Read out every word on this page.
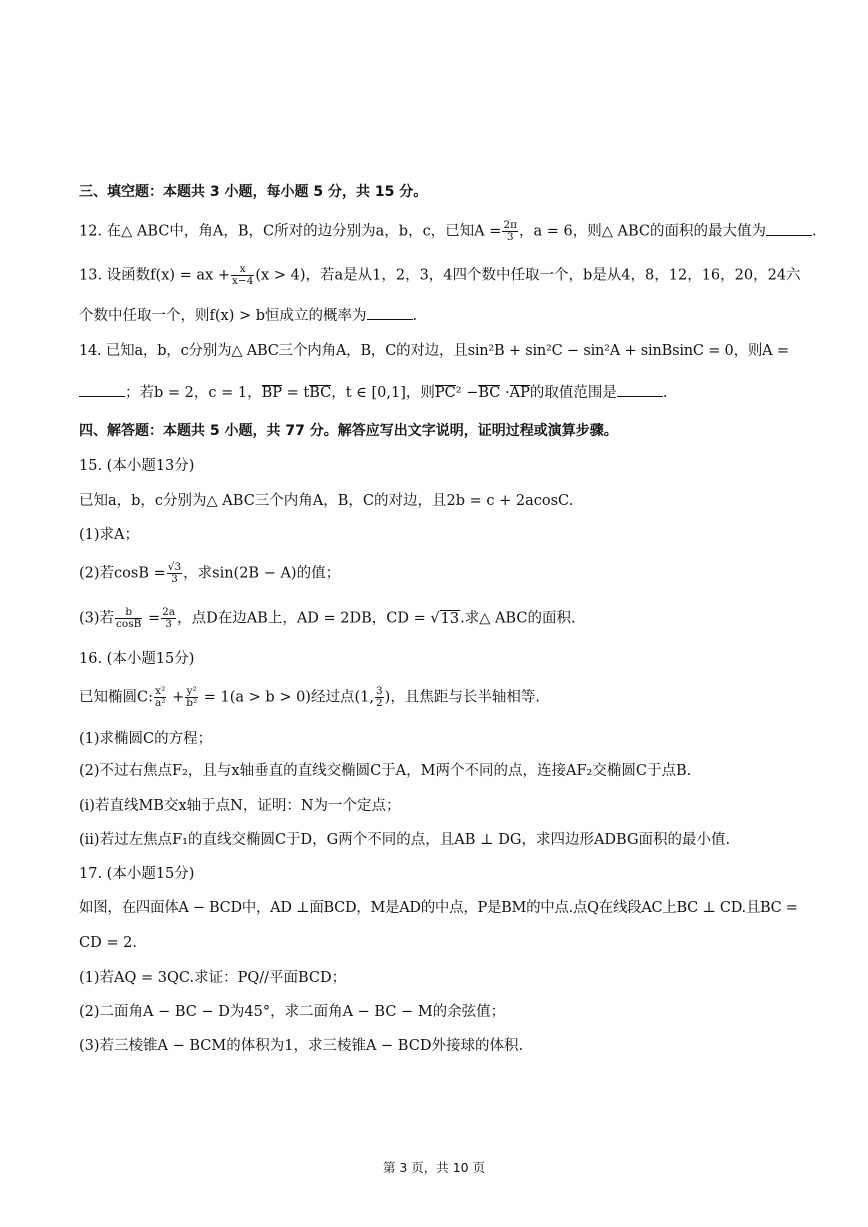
三、填空题：本题共 3 小题，每小题 5 分，共 15 分。
12. 在△ ABC中，角A，B，C所对的边分别为a，b，c，已知$A = \frac{2\pi}{3}$ ，a = 6，则△ ABC的面积的最大值为	.
13. 设函数f(x) = ax + $\frac{x}{x-4} (x > 4)$，若a是从1，2，3，4四个数中任取一个，b是从4，8，12，16，20，24六
个数中任取一个，则f(x) > b恒成立的概率为	.
14. 已知a，b，c分别为△ ABC三个内角A，B，C的对边，且sin²B + sin²C − sin²A + sinBsinC = 0，则A =
；若b = 2，c = 1，BP = tBC，t ∈ [0,1]，则PC² −BC ·AP的取值范围是	.
四、解答题：本题共 5 小题，共 77 分。解答应写出文字说明，证明过程或演算步骤。
15. (本小题13分)
已知a，b，c分别为△ ABC三个内角A，B，C的对边，且2b = c + 2acosC.
(1)求A；
(2)若$\cos B = \frac{√3}{3}$ ，求sin(2B − A)的值；
(3)若 $\frac{b}{\cos B} = \frac{2a}{3}$ ，点D在边AB上，AD = 2DB，CD = √13.求△ ABC的面积.
16. (本小题15分)
已知椭圆C: $\frac{\text{x²}}{\text{a²}} + \frac{\text{y²}}{\text{b²}} = 1(a > b > 0)$经过点(1, $\frac{3}{2}$ )，且焦距与长半轴相等.
(1)求椭圆C的方程；
(2)不过右焦点F₂，且与x轴垂直的直线交椭圆C于A，M两个不同的点，连接AF₂交椭圆C于点B.
(i)若直线MB交x轴于点N，证明：N为一个定点；
(ii)若过左焦点F₁的直线交椭圆C于D，G两个不同的点，且AB ⊥ DG，求四边形ADBG面积的最小值.
17. (本小题15分)
如图，在四面体A − BCD中，AD ⊥面BCD，M是AD的中点，P是BM的中点.点Q在线段AC上BC ⊥ CD.且BC =
CD = 2.
(1)若AQ = 3QC.求证：PQ//平面BCD；
(2)二面角A − BC − D为45°，求二面角A − BC − M的余弦值；
(3)若三棱锥A − BCM的体积为1，求三棱锥A − BCD外接球的体积.
第 3 页，共 10 页
